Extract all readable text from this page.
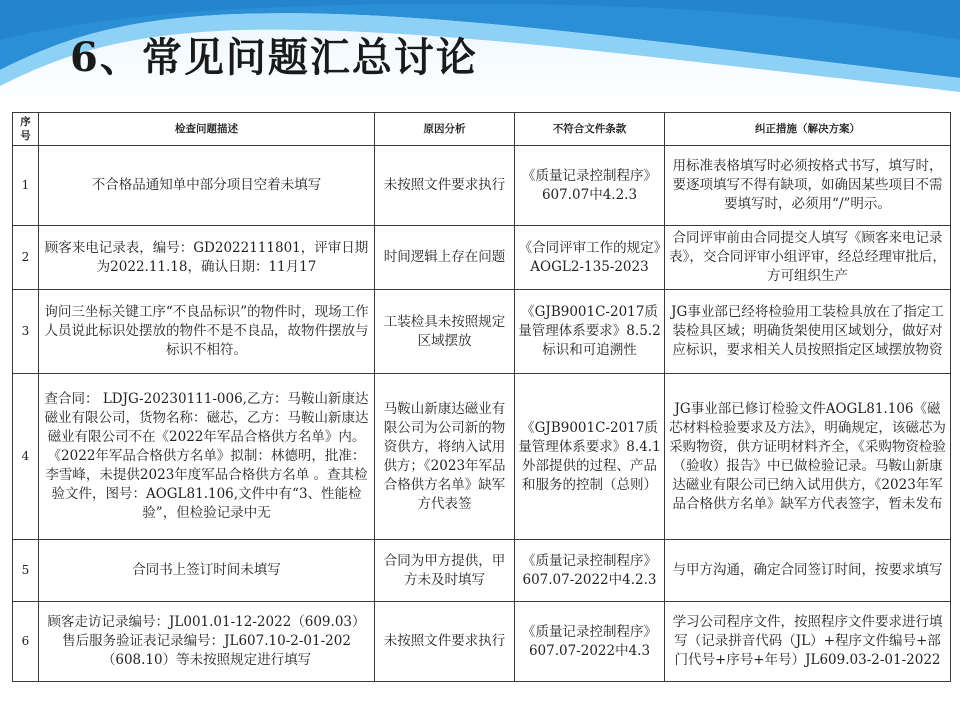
6、常见问题汇总讨论
序号	检查问题描述	原因分析	不符合文件条款	纠正措施（解决方案）
1	不合格品通知单中部分项目空着未填写	未按照文件要求执行	《质量记录控制程序》607.07中4.2.3	用标准表格填写时必须按格式书写，填写时，要逐项填写不得有缺项，如确因某些项目不需要填写时，必须用“/”明示。
2	顾客来电记录表，编号：GD2022111801，评审日期为2022.11.18，确认日期：11月17	时间逻辑上存在问题	《合同评审工作的规定》AOGL2-135-2023	合同评审前由合同提交人填写《顾客来电记录表》，交合同评审小组评审，经总经理审批后，方可组织生产
3	询问三坐标关键工序“不良品标识”的物件时，现场工作人员说此标识处摆放的物件不是不良品，故物件摆放与标识不相符。	工装检具未按照规定区域摆放	《GJB9001C-2017质量管理体系要求》8.5.2标识和可追溯性	JG事业部已经将检验用工装检具放在了指定工装检具区域；明确货架使用区域划分，做好对应标识，要求相关人员按照指定区域摆放物资
4	查合同： LDJG-20230111-006,乙方：马鞍山新康达磁业有限公司，货物名称：磁芯，乙方：马鞍山新康达磁业有限公司不在《2022年军品合格供方名单》内。《2022年军品合格供方名单》拟制：林德明，批准：李雪峰，未提供2023年度军品合格供方名单 。查其检验文件，图号：AOGL81.106,文件中有“3、性能检验”，但检验记录中无	马鞍山新康达磁业有限公司为公司新的物资供方，将纳入试用供方；《2023年军品合格供方名单》缺军方代表签	《GJB9001C-2017质量管理体系要求》8.4.1外部提供的过程、产品和服务的控制（总则）	JG事业部已修订检验文件AOGL81.106《磁芯材料检验要求及方法》，明确规定，该磁芯为采购物资，供方证明材料齐全，《采购物资检验（验收）报告》中已做检验记录。马鞍山新康达磁业有限公司已纳入试用供方，《2023年军品合格供方名单》缺军方代表签字，暂未发布
5	合同书上签订时间未填写	合同为甲方提供，甲方未及时填写	《质量记录控制程序》607.07-2022中4.2.3	与甲方沟通，确定合同签订时间，按要求填写
6	顾客走访记录编号：JL001.01-12-2022（609.03）售后服务验证表记录编号：JL607.10-2-01-202（608.10）等未按照规定进行填写	未按照文件要求执行	《质量记录控制程序》607.07-2022中4.3	学习公司程序文件，按照程序文件要求进行填写（记录拼音代码（JL）+程序文件编号+部门代号+序号+年号）JL609.03-2-01-2022
